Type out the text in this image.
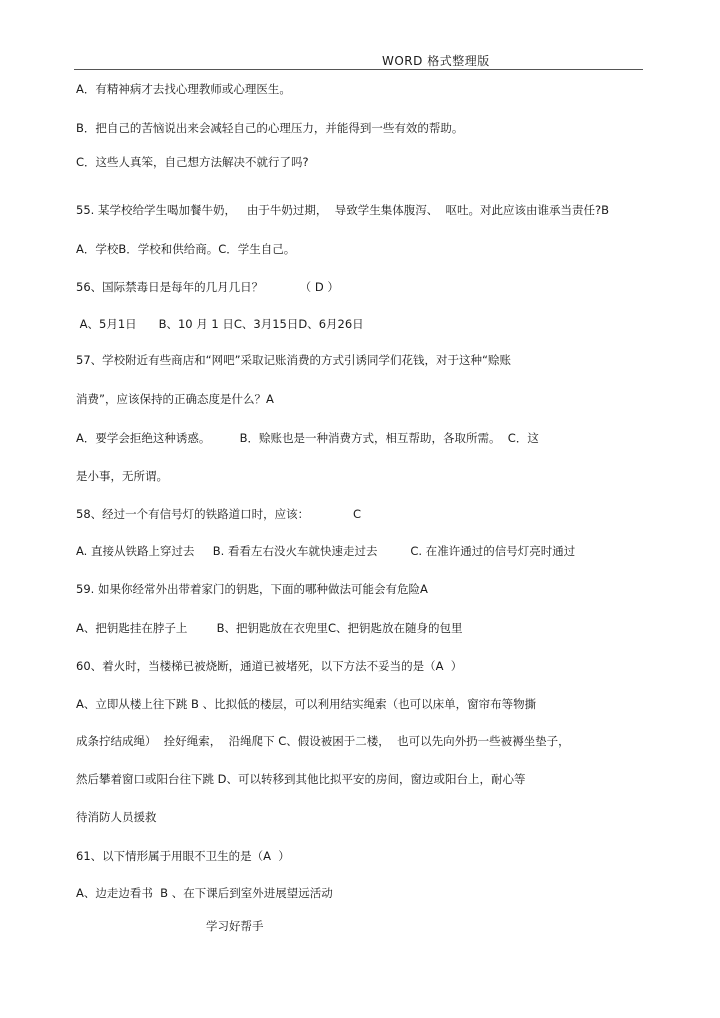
WORD 格式整理版
A．有精神病才去找心理教师或心理医生。
B．把自己的苦恼说出来会减轻自己的心理压力，并能得到一些有效的帮助。
C．这些人真笨，自己想方法解决不就行了吗?
55. 某学校给学生喝加餐牛奶，   由于牛奶过期，  导致学生集体腹泻、  呕吐。对此应该由谁承当责任?B
A．学校B．学校和供给商。C．学生自己。
56、国际禁毒日是每年的几月几日？          （ D ）
A、5月1日      B、10 月 1 日C、3月15日D、6月26日
57、学校附近有些商店和“网吧”采取记账消费的方式引诱同学们花钱，对于这种“赊账
消费”，应该保持的正确态度是什么？A
A．要学会拒绝这种诱惑。        B．赊账也是一种消费方式，相互帮助，各取所需。  C．这
是小事，无所谓。
58、经过一个有信号灯的铁路道口时，应该：            C
A. 直接从铁路上穿过去     B. 看看左右没火车就快速走过去         C. 在准许通过的信号灯亮时通过
59. 如果你经常外出带着家门的钥匙，下面的哪种做法可能会有危险A
A、把钥匙挂在脖子上        B、把钥匙放在衣兜里C、把钥匙放在随身的包里
60、着火时，当楼梯已被烧断，通道已被堵死，以下方法不妥当的是（A  ）
A、立即从楼上往下跳 B 、比拟低的楼层，可以利用结实绳索（也可以床单，窗帘布等物撕
成条拧结成绳）  拴好绳索，  沿绳爬下 C、假设被困于二楼，  也可以先向外扔一些被褥坐垫子，
然后攀着窗口或阳台往下跳 D、可以转移到其他比拟平安的房间，窗边或阳台上，耐心等
待消防人员援救
61、以下情形属于用眼不卫生的是（A  ）
A、边走边看书  B 、在下课后到室外进展望远活动
学习好帮手
